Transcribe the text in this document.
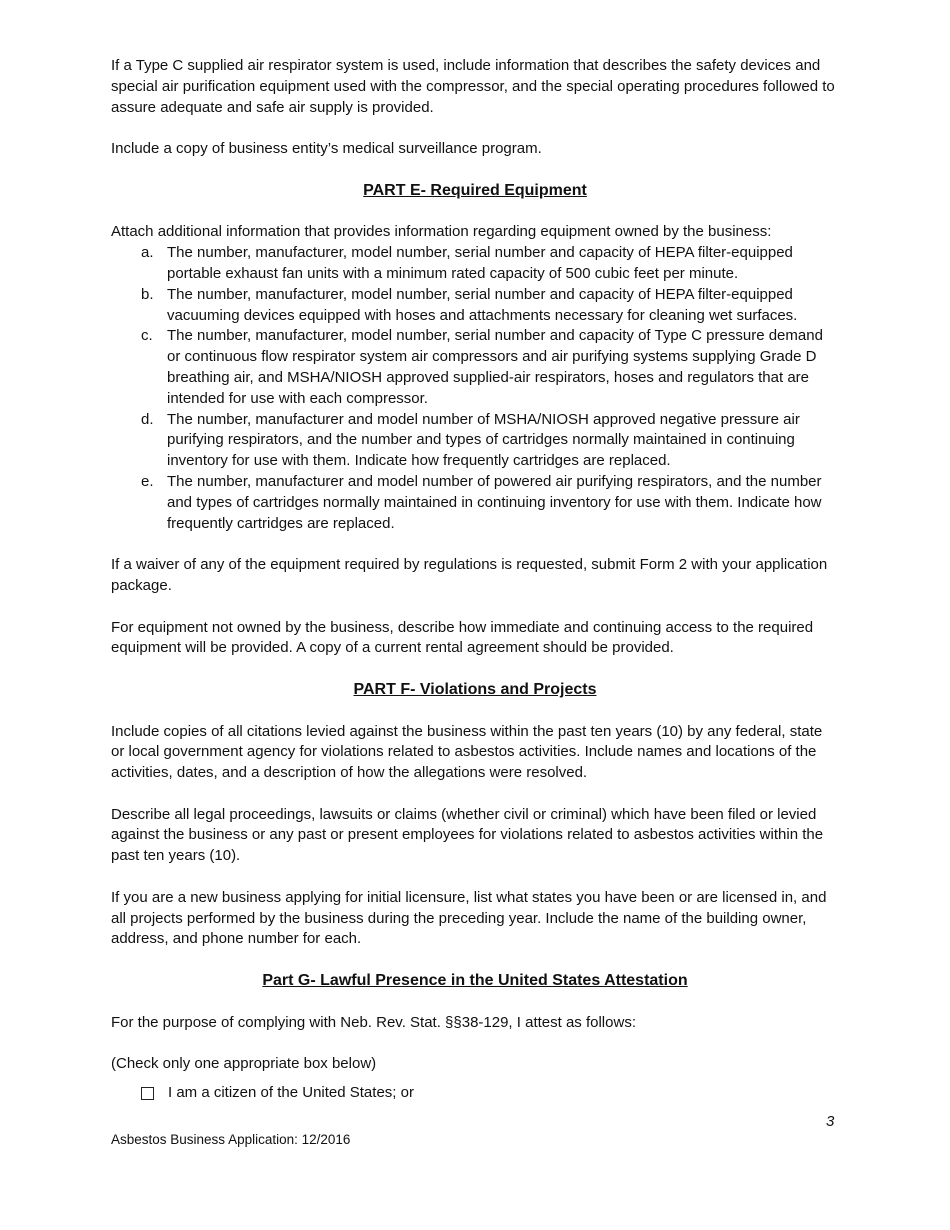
If a Type C supplied air respirator system is used, include information that describes the safety devices and special air purification equipment used with the compressor, and the special operating procedures followed to assure adequate and safe air supply is provided.

Include a copy of business entity’s medical surveillance program.

PART E- Required Equipment

Attach additional information that provides information regarding equipment owned by the business:

a. The number, manufacturer, model number, serial number and capacity of HEPA filter-equipped portable exhaust fan units with a minimum rated capacity of 500 cubic feet per minute.
b. The number, manufacturer, model number, serial number and capacity of HEPA filter-equipped vacuuming devices equipped with hoses and attachments necessary for cleaning wet surfaces.
c. The number, manufacturer, model number, serial number and capacity of Type C pressure demand or continuous flow respirator system air compressors and air purifying systems supplying Grade D breathing air, and MSHA/NIOSH approved supplied-air respirators, hoses and regulators that are intended for use with each compressor.
d. The number, manufacturer and model number of MSHA/NIOSH approved negative pressure air purifying respirators, and the number and types of cartridges normally maintained in continuing inventory for use with them. Indicate how frequently cartridges are replaced.
e. The number, manufacturer and model number of powered air purifying respirators, and the number and types of cartridges normally maintained in continuing inventory for use with them. Indicate how frequently cartridges are replaced.

If a waiver of any of the equipment required by regulations is requested, submit Form 2 with your application package.

For equipment not owned by the business, describe how immediate and continuing access to the required equipment will be provided. A copy of a current rental agreement should be provided.

PART F- Violations and Projects

Include copies of all citations levied against the business within the past ten years (10) by any federal, state or local government agency for violations related to asbestos activities. Include names and locations of the activities, dates, and a description of how the allegations were resolved.

Describe all legal proceedings, lawsuits or claims (whether civil or criminal) which have been filed or levied against the business or any past or present employees for violations related to asbestos activities within the past ten years (10).

If you are a new business applying for initial licensure, list what states you have been or are licensed in, and all projects performed by the business during the preceding year. Include the name of the building owner, address, and phone number for each.

Part G- Lawful Presence in the United States Attestation

For the purpose of complying with Neb. Rev. Stat. §§38-129, I attest as follows:

(Check only one appropriate box below)

I am a citizen of the United States; or
3
Asbestos Business Application: 12/2016
